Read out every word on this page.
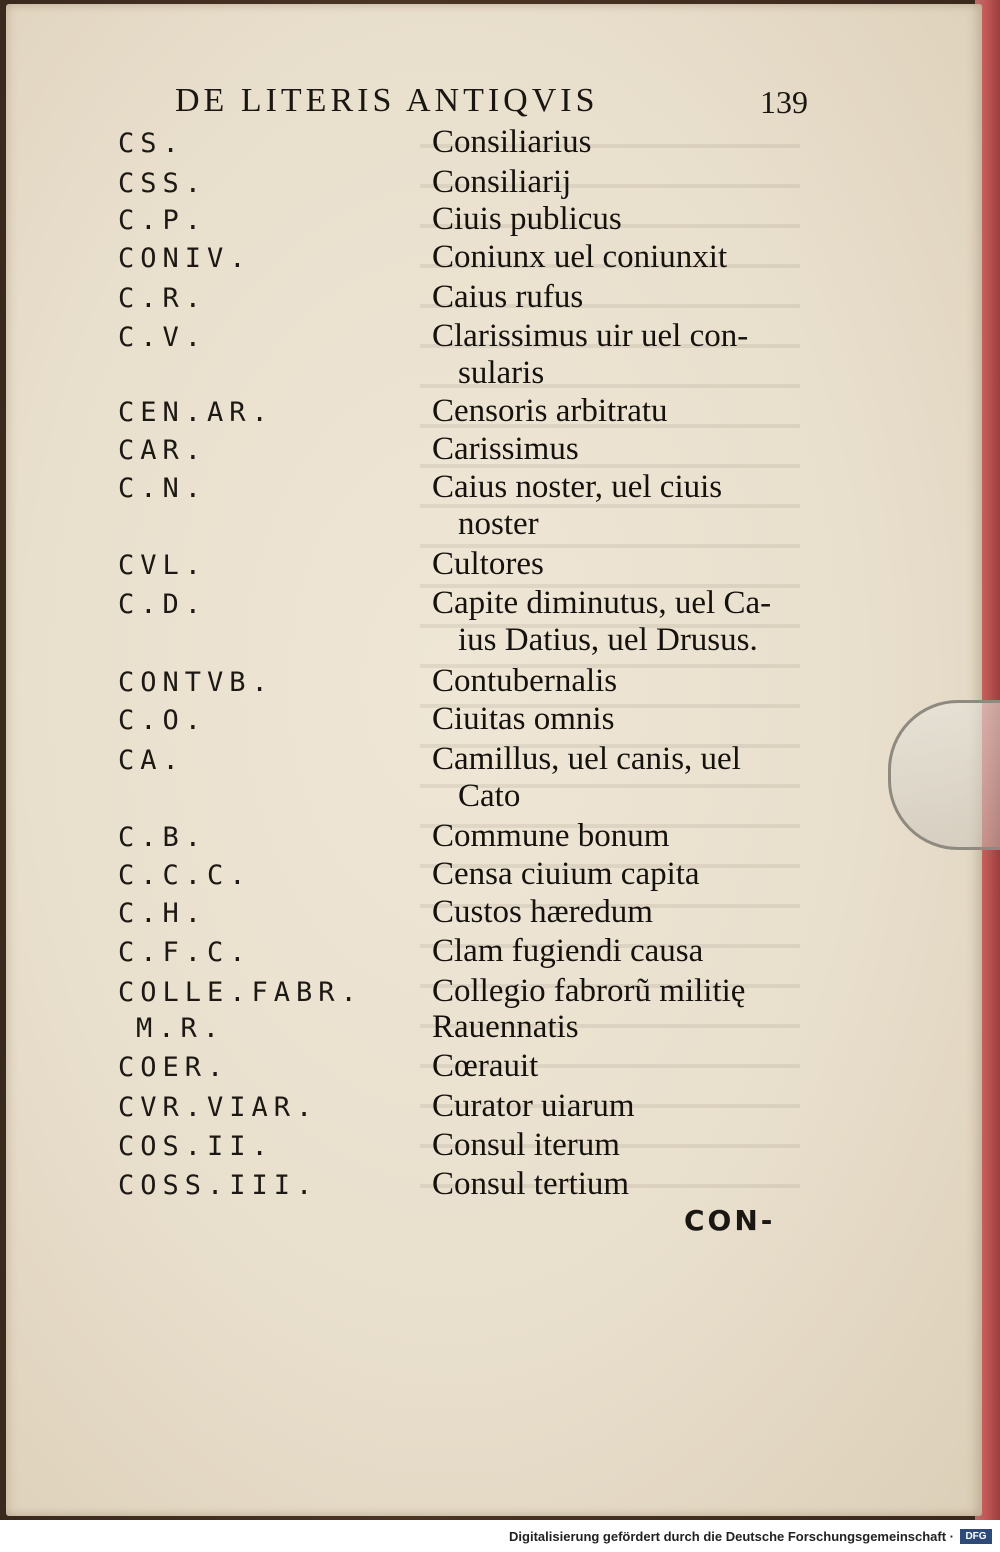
DE LITERIS ANTIQVIS	139
CS.	Consiliarius
CSS.	Consiliarij
C.P.	Ciuis publicus
CONIV.	Coniunx uel coniunxit
C.R.	Caius rufus
C.V.	Clarissimus uir uel con-
sularis
CEN.AR.	Censoris arbitratu
CAR.	Carissimus
C.N.	Caius noster, uel ciuis
noster
CVL.	Cultores
C.D.	Capite diminutus, uel Ca-
ius Datius, uel Drusus.
CONTVB.	Contubernalis
C.O.	Ciuitas omnis
CA.	Camillus, uel canis, uel
Cato
C.B.	Commune bonum
C.C.C.	Censa ciuium capita
C.H.	Custos hæredum
C.F.C.	Clam fugiendi causa
COLLE.FABR. Collegio fabrorũ militię
M.R.	Rauennatis
COER.	Cœrauit
CVR.VIAR.	Curator uiarum
COS.II.	Consul iterum
COSS.III.	Consul tertium
CON-
Digitalisierung gefördert durch die Deutsche Forschungsgemeinschaft ·	DFG
